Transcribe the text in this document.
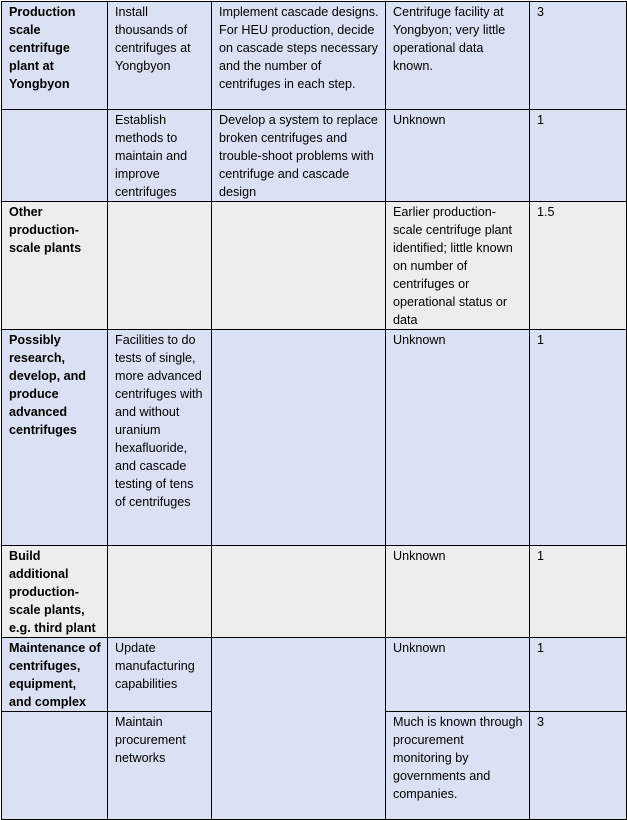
Production scale centrifuge plant at Yongbyon	Install thousands of centrifuges at Yongbyon	Implement cascade designs. For HEU production, decide on cascade steps necessary and the number of centrifuges in each step.	Centrifuge facility at Yongbyon; very little operational data known.	3
	Establish methods to maintain and improve centrifuges	Develop a system to replace broken centrifuges and trouble-shoot problems with centrifuge and cascade design	Unknown	1
Other production-scale plants			Earlier production-scale centrifuge plant identified; little known on number of centrifuges or operational status or data	1.5
Possibly research, develop, and produce advanced centrifuges	Facilities to do tests of single, more advanced centrifuges with and without uranium hexafluoride, and cascade testing of tens of centrifuges		Unknown	1
Build additional production-scale plants, e.g. third plant			Unknown	1
Maintenance of centrifuges, equipment, and complex	Update manufacturing capabilities		Unknown	1
	Maintain procurement networks		Much is known through procurement monitoring by governments and companies.	3
